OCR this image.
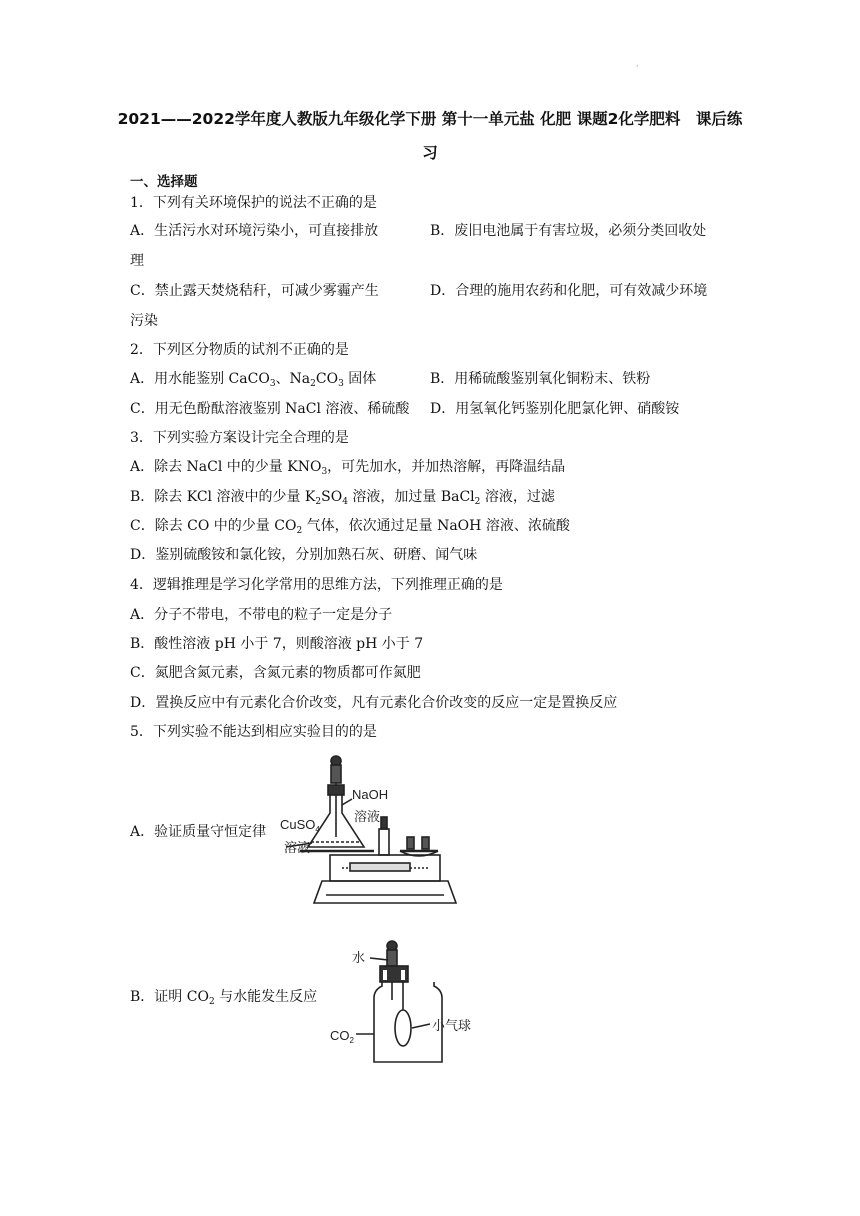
·
2021——2022学年度人教版九年级化学下册 第十一单元盐 化肥 课题2化学肥料　课后练习
一、选择题
1．下列有关环境保护的说法不正确的是
A．生活污水对环境污染小，可直接排放	B．废旧电池属于有害垃圾，必须分类回收处
理
C．禁止露天焚烧秸秆，可减少雾霾产生	D．合理的施用农药和化肥，可有效减少环境
污染
2．下列区分物质的试剂不正确的是
A．用水能鉴别 CaCO$_3$、$Na_2CO_3$ 固体	B．用稀硫酸鉴别氧化铜粉末、铁粉
C．用无色酚酞溶液鉴别 NaCl 溶液、稀硫酸 D．用氢氧化钙鉴别化肥氯化钾、硝酸铵
3．下列实验方案设计完全合理的是
A．除去 NaCl 中的少量 $KNO_3$，可先加水，并加热溶解，再降温结晶
B．除去 KCl 溶液中的少量 $K_2SO_4$ 溶液，加过量 BaCl$_2$ 溶液，过滤
C．除去 CO 中的少量 $CO_2$ 气体，依次通过足量 NaOH 溶液、浓硫酸
D．鉴别硫酸铵和氯化铵，分别加熟石灰、研磨、闻气味
4．逻辑推理是学习化学常用的思维方法，下列推理正确的是
A．分子不带电，不带电的粒子一定是分子
B．酸性溶液 pH 小于 7，则酸溶液 pH 小于 7
C．氮肥含氮元素，含氮元素的物质都可作氮肥
D．置换反应中有元素化合价改变，凡有元素化合价改变的反应一定是置换反应
5．下列实验不能达到相应实验目的的是
A．验证质量守恒定律
B．证明 $CO_2$ 与水能发生反应
NaOH
溶液
CuSO$_4$
溶液
水
$CO_2$
小气球
